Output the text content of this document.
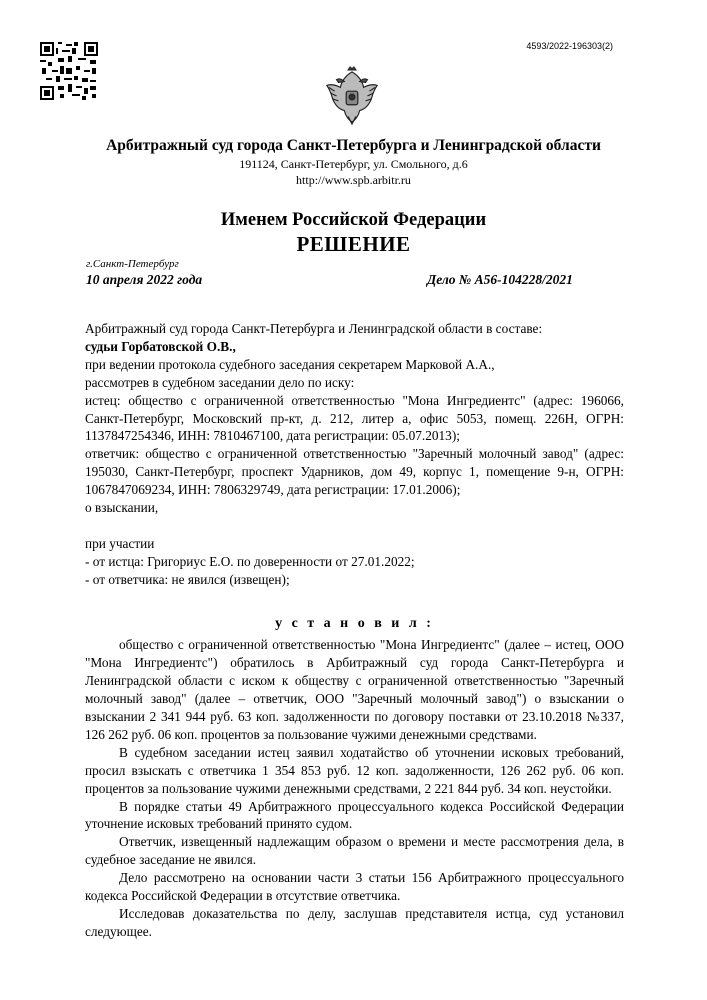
4593/2022-196303(2)
Арбитражный суд города Санкт-Петербурга и Ленинградской области
191124, Санкт-Петербург, ул. Смольного, д.6
http://www.spb.arbitr.ru
Именем Российской Федерации
РЕШЕНИЕ
г.Санкт-Петербург
10 апреля 2022 года	Дело № А56-104228/2021

Арбитражный суд города Санкт-Петербурга и Ленинградской области в составе:

судьи Горбатовской О.В.,

при ведении протокола судебного заседания секретарем Марковой А.А.,

рассмотрев в судебном заседании дело по иску:

истец: общество с ограниченной ответственностью "Мона Ингредиентс" (адрес: 196066, Санкт-Петербург, Московский пр-кт, д. 212, литер а, офис 5053, помещ. 226Н, ОГРН: 1137847254346, ИНН: 7810467100, дата регистрации: 05.07.2013);

ответчик: общество с ограниченной ответственностью "Заречный молочный завод" (адрес: 195030, Санкт-Петербург, проспект Ударников, дом 49, корпус 1, помещение 9-н, ОГРН: 1067847069234, ИНН: 7806329749, дата регистрации: 17.01.2006);

о взыскании,

при участии

- от истца: Григориус Е.О. по доверенности от 27.01.2022;

- от ответчика: не явился (извещен);

у с т а н о в и л :

общество с ограниченной ответственностью "Мона Ингредиентс" (далее – истец, ООО "Мона Ингредиентс") обратилось в Арбитражный суд города Санкт-Петербурга и Ленинградской области с иском к обществу с ограниченной ответственностью "Заречный молочный завод" (далее – ответчик, ООО "Заречный молочный завод") о взыскании о взыскании 2 341 944 руб. 63 коп. задолженности по договору поставки от 23.10.2018 №337, 126 262 руб. 06 коп. процентов за пользование чужими денежными средствами.

В судебном заседании истец заявил ходатайство об уточнении исковых требований, просил взыскать с ответчика 1 354 853 руб. 12 коп. задолженности, 126 262 руб. 06 коп. процентов за пользование чужими денежными средствами, 2 221 844 руб. 34 коп. неустойки.

В порядке статьи 49 Арбитражного процессуального кодекса Российской Федерации уточнение исковых требований принято судом.

Ответчик, извещенный надлежащим образом о времени и месте рассмотрения дела, в судебное заседание не явился.

Дело рассмотрено на основании части 3 статьи 156 Арбитражного процессуального кодекса Российской Федерации в отсутствие ответчика.

Исследовав доказательства по делу, заслушав представителя истца, суд установил следующее.
